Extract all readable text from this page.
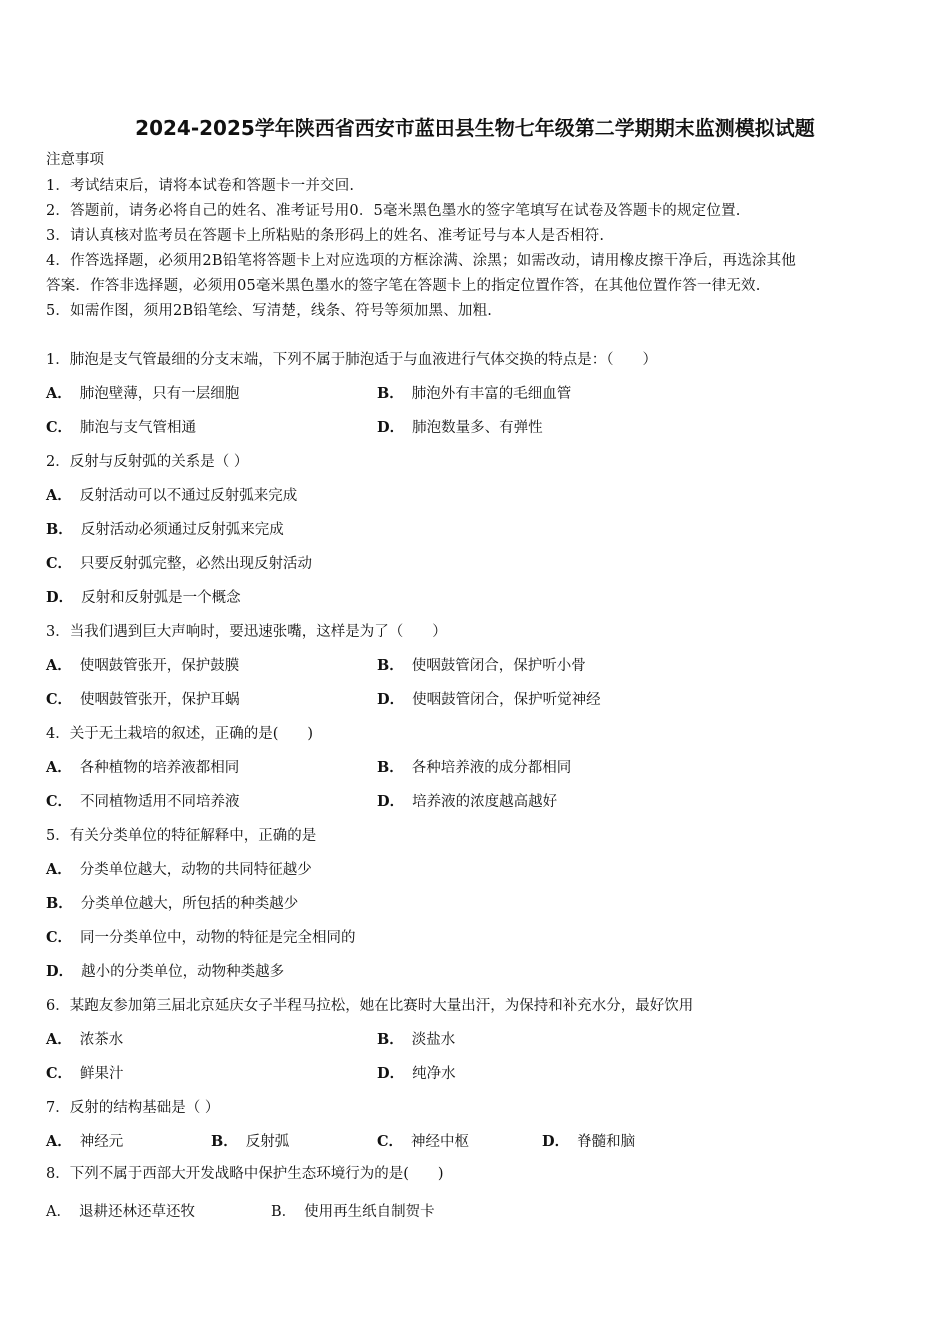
2024-2025学年陕西省西安市蓝田县生物七年级第二学期期末监测模拟试题
注意事项
1．考试结束后，请将本试卷和答题卡一并交回.
2．答题前，请务必将自己的姓名、准考证号用0．5毫米黑色墨水的签字笔填写在试卷及答题卡的规定位置.
3．请认真核对监考员在答题卡上所粘贴的条形码上的姓名、准考证号与本人是否相符.
4．作答选择题，必须用2B铅笔将答题卡上对应选项的方框涂满、涂黑；如需改动，请用橡皮擦干净后，再选涂其他
答案．作答非选择题，必须用05毫米黑色墨水的签字笔在答题卡上的指定位置作答，在其他位置作答一律无效.
5．如需作图，须用2B铅笔绘、写清楚，线条、符号等须加黑、加粗.
1．肺泡是支气管最细的分支末端，下列不属于肺泡适于与血液进行气体交换的特点是：（　　）
A． 肺泡壁薄，只有一层细胞	B． 肺泡外有丰富的毛细血管
C． 肺泡与支气管相通	D． 肺泡数量多、有弹性
2．反射与反射弧的关系是（ ）
A． 反射活动可以不通过反射弧来完成
B． 反射活动必须通过反射弧来完成
C． 只要反射弧完整，必然出现反射活动
D． 反射和反射弧是一个概念
3．当我们遇到巨大声响时，要迅速张嘴，这样是为了（　　）
A． 使咽鼓管张开，保护鼓膜	B． 使咽鼓管闭合，保护听小骨
C． 使咽鼓管张开，保护耳蜗	D． 使咽鼓管闭合，保护听觉神经
4．关于无土栽培的叙述，正确的是(　　)
A． 各种植物的培养液都相同	B． 各种培养液的成分都相同
C． 不同植物适用不同培养液	D． 培养液的浓度越高越好
5．有关分类单位的特征解释中，正确的是
A． 分类单位越大，动物的共同特征越少
B． 分类单位越大，所包括的种类越少
C． 同一分类单位中，动物的特征是完全相同的
D． 越小的分类单位，动物种类越多
6．某跑友参加第三届北京延庆女子半程马拉松，她在比赛时大量出汗，为保持和补充水分，最好饮用
A． 浓茶水	B． 淡盐水
C． 鲜果汁	D． 纯净水
7．反射的结构基础是（ ）
A． 神经元	B． 反射弧	C． 神经中枢	D． 脊髓和脑
8．下列不属于西部大开发战略中保护生态环境行为的是(　　)
A． 退耕还林还草还牧	B． 使用再生纸自制贺卡
